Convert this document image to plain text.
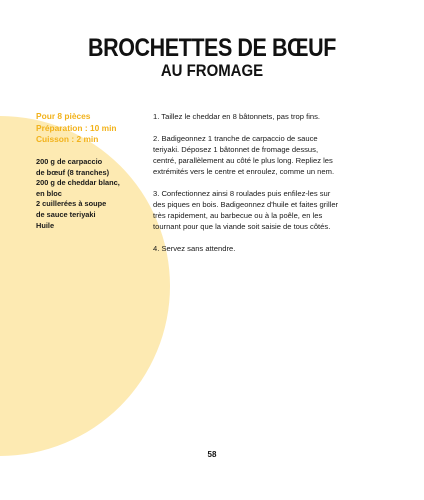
BROCHETTES DE BŒUF
AU FROMAGE
Pour 8 pièces
Préparation : 10 min
Cuisson : 2 min
200 g de carpaccio
de bœuf (8 tranches)
200 g de cheddar blanc,
en bloc
2 cuillerées à soupe
de sauce teriyaki
Huile
1. Taillez le cheddar en 8 bâtonnets, pas trop fins.
2. Badigeonnez 1 tranche de carpaccio de sauce
teriyaki. Déposez 1 bâtonnet de fromage dessus,
centré, parallèlement au côté le plus long. Repliez les
extrémités vers le centre et enroulez, comme un nem.
3. Confectionnez ainsi 8 roulades puis enfilez-les sur
des piques en bois. Badigeonnez d'huile et faites griller
très rapidement, au barbecue ou à la poêle, en les
tournant pour que la viande soit saisie de tous côtés.
4. Servez sans attendre.
58
